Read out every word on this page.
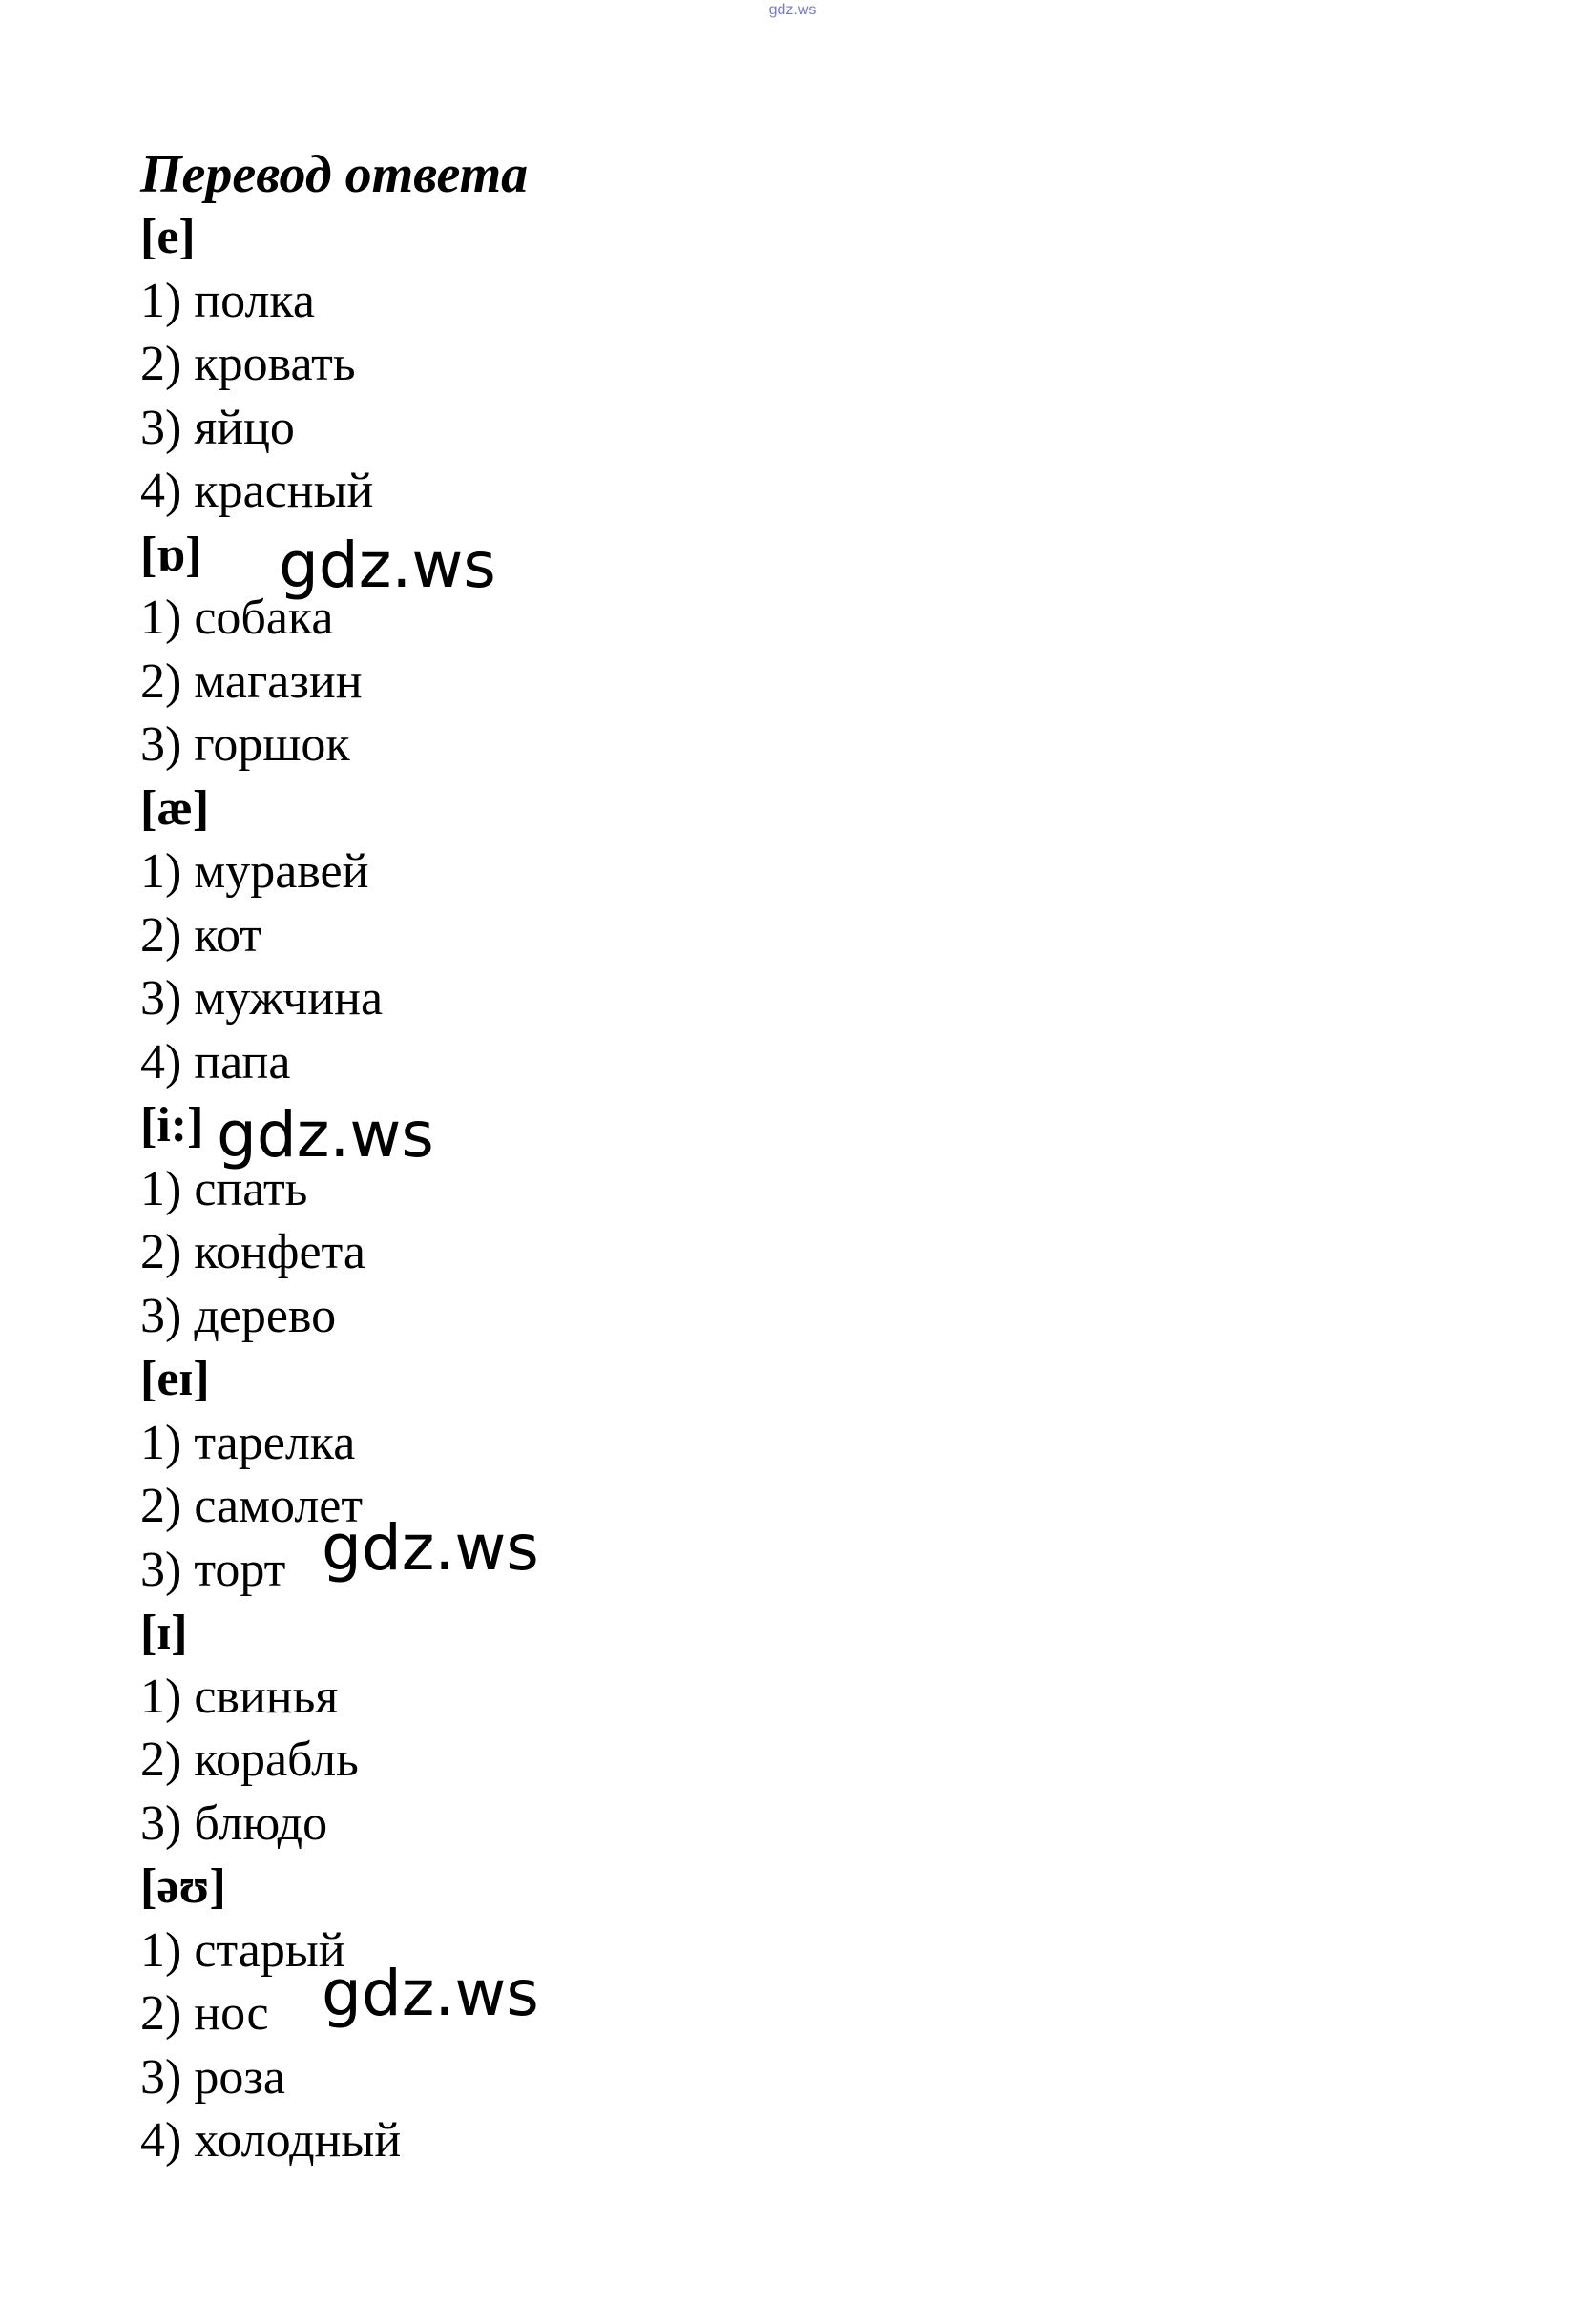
gdz.ws
Перевод ответа
[e]
1) полка
2) кровать
3) яйцо
4) красный
[ɒ]
1) собака
2) магазин
3) горшок
[æ]
1) муравей
2) кот
3) мужчина
4) папа
[i:]
1) спать
2) конфета
3) дерево
[eɪ]
1) тарелка
2) самолет
3) торт
[ɪ]
1) свинья
2) корабль
3) блюдо
[əʊ]
1) старый
2) нос
3) роза
4) холодный
gdz.ws
gdz.ws
gdz.ws
gdz.ws
